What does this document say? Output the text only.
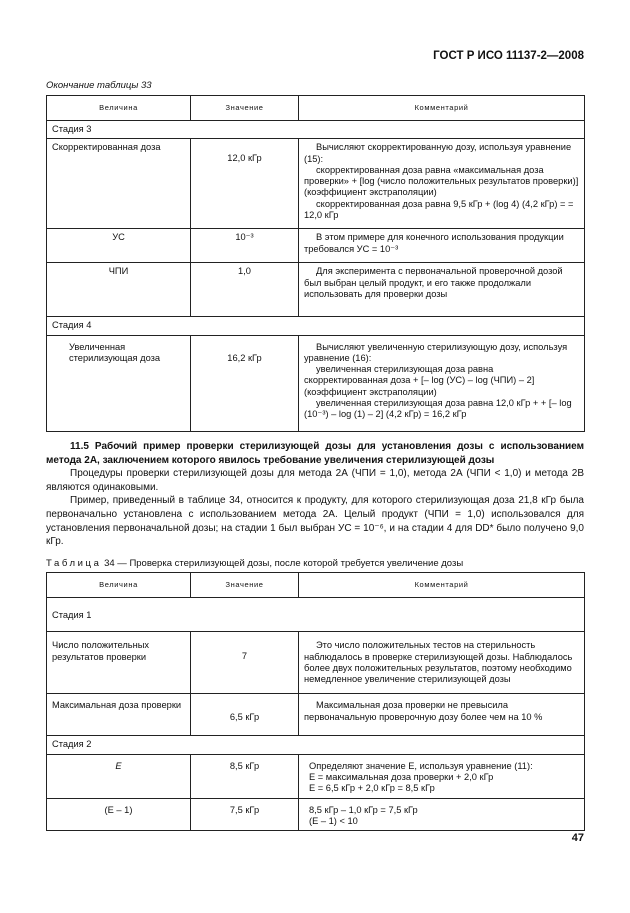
ГОСТ Р ИСО 11137-2—2008
Окончание таблицы 33
Величина	Значение	Комментарий
Стадия 3		
Скорректированная доза	12,0 кГр	Вычисляют скорректированную дозу, используя уравнение (15):

скорректированная доза равна «максимальная доза проверки» + [log (число положительных результатов проверки)] (коэффициент экстраполяции)

скорректированная доза равна 9,5 кГр + (log 4) (4,2 кГр) = = 12,0 кГр

УС	10⁻³	В этом примере для конечного использования продукции требовался УС = 10⁻³

ЧПИ	1,0	Для эксперимента с первоначальной проверочной дозой был выбран целый продукт, и его также продолжали использовать для проверки дозы

Стадия 4		
Увеличенная стерилизующая доза	16,2 кГр	Вычисляют увеличенную стерилизующую дозу, используя уравнение (16):

увеличенная стерилизующая доза равна скорректированная доза + [– log (УС) – log (ЧПИ) – 2] (коэффициент экстраполяции)

увеличенная стерилизующая доза равна 12,0 кГр + + [– log (10⁻³) – log (1) – 2] (4,2 кГр) = 16,2 кГр

11.5 Рабочий пример проверки стерилизующей дозы для установления дозы с использованием метода 2А, заключением которого явилось требование увеличения стерилизующей дозы

Процедуры проверки стерилизующей дозы для метода 2А (ЧПИ = 1,0), метода 2А (ЧПИ < 1,0) и метода 2В являются одинаковыми.

Пример, приведенный в таблице 34, относится к продукту, для которого стерилизующая доза 21,8 кГр была первоначально установлена с использованием метода 2А. Целый продукт (ЧПИ = 1,0) использовался для установления первоначальной дозы; на стадии 1 был выбран УС = 10⁻⁶, и на стадии 4 для DD* было получено 9,0 кГр.

Таблица 34 — Проверка стерилизующей дозы, после которой требуется увеличение дозы
Величина	Значение	Комментарий
Стадия 1		
Число положительных результатов проверки	7	Это число положительных тестов на стерильность наблюдалось в проверке стерилизующей дозы. Наблюдалось более двух положительных результатов, поэтому необходимо немедленное увеличение стерилизующей дозы

Максимальная доза проверки	6,5 кГр	Максимальная доза проверки не превысила первоначальную проверочную дозу более чем на 10 %

Стадия 2		
E	8,5 кГр	Определяют значение E, используя уравнение (11):
E = максимальная доза проверки + 2,0 кГр
E = 6,5 кГр + 2,0 кГр = 8,5 кГр

(E – 1)	7,5 кГр	8,5 кГр – 1,0 кГр = 7,5 кГр
(E – 1) < 10
47
